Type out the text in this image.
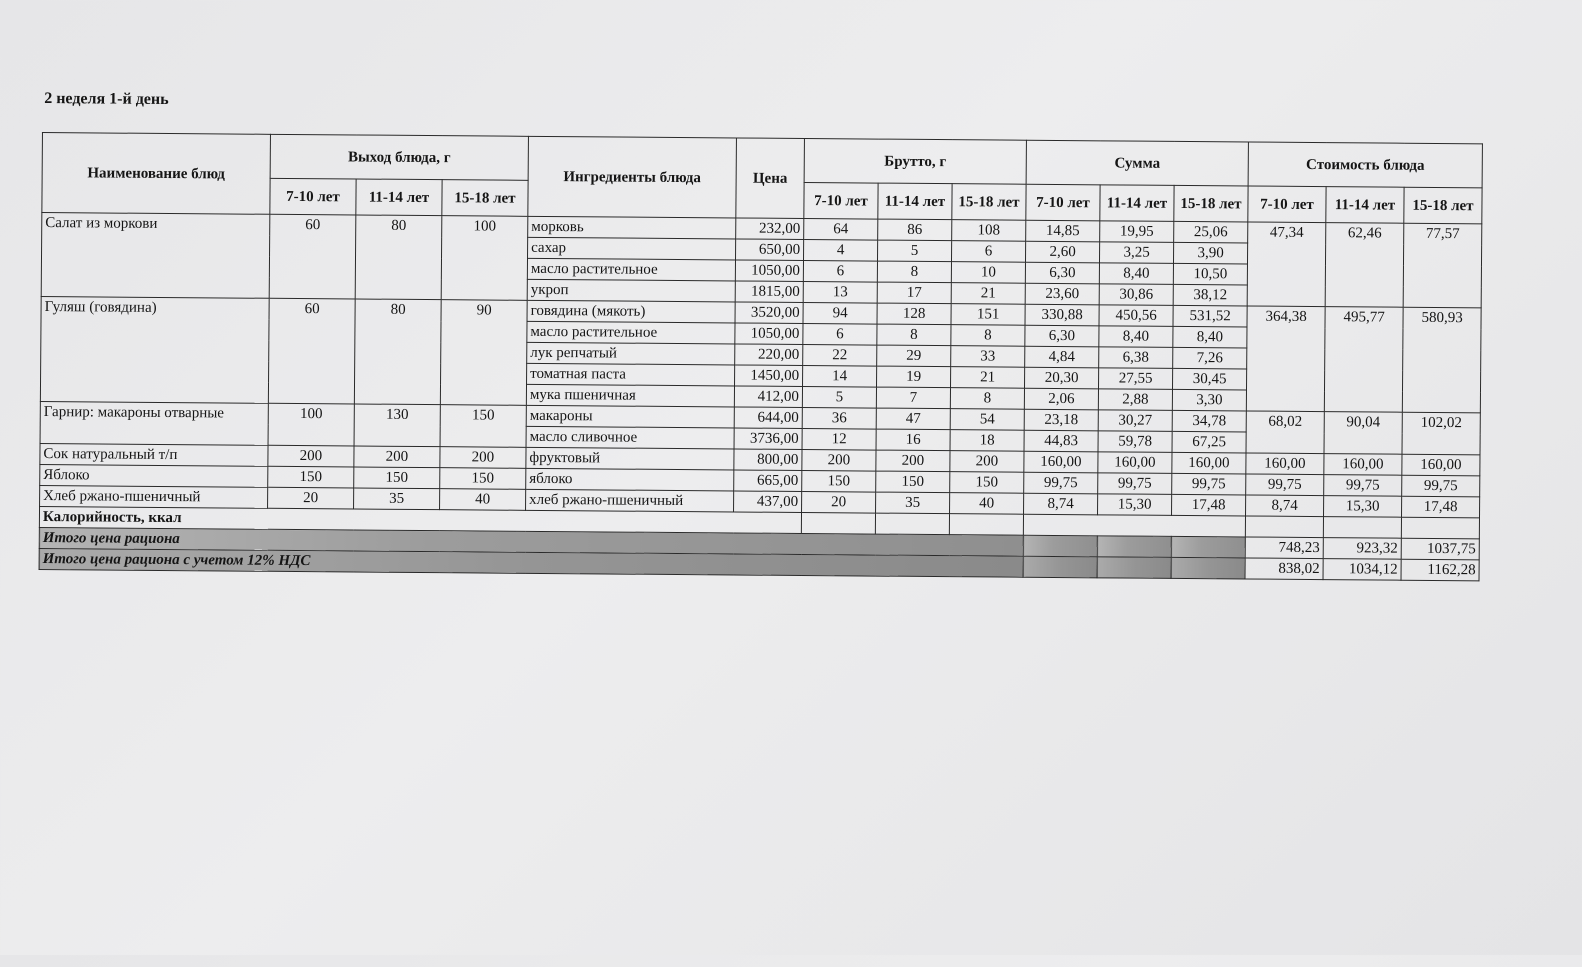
2 неделя 1-й день
Наименование блюд	Выход блюда, г			Ингредиенты блюда	Цена	Брутто, г			Сумма			Стоимость блюда		
	7-10 лет	11-14 лет	15-18 лет			7-10 лет	11-14 лет	15-18 лет	7-10 лет	11-14 лет	15-18 лет	7-10 лет	11-14 лет	15-18 лет
Салат из моркови	60	80	100	морковь	232,00	64	86	108	14,85	19,95	25,06	47,34	62,46	77,57
				сахар	650,00	4	5	6	2,60	3,25	3,90			
				масло растительное	1050,00	6	8	10	6,30	8,40	10,50			
				укроп	1815,00	13	17	21	23,60	30,86	38,12			
Гуляш (говядина)	60	80	90	говядина (мякоть)	3520,00	94	128	151	330,88	450,56	531,52	364,38	495,77	580,93
				масло растительное	1050,00	6	8	8	6,30	8,40	8,40			
				лук репчатый	220,00	22	29	33	4,84	6,38	7,26			
				томатная паста	1450,00	14	19	21	20,30	27,55	30,45			
				мука пшеничная	412,00	5	7	8	2,06	2,88	3,30			
Гарнир: макароны отварные	100	130	150	макароны	644,00	36	47	54	23,18	30,27	34,78	68,02	90,04	102,02
				масло сливочное	3736,00	12	16	18	44,83	59,78	67,25			
Сок натуральный т/п	200	200	200	фруктовый	800,00	200	200	200	160,00	160,00	160,00	160,00	160,00	160,00
Яблоко	150	150	150	яблоко	665,00	150	150	150	99,75	99,75	99,75	99,75	99,75	99,75
Хлеб ржано-пшеничный	20	35	40	хлеб ржано-пшеничный	437,00	20	35	40	8,74	15,30	17,48	8,74	15,30	17,48
Калорийность, ккал														
Итого цена рациона												748,23	923,32	1037,75
Итого цена рациона с учетом 12% НДС												838,02	1034,12	1162,28
